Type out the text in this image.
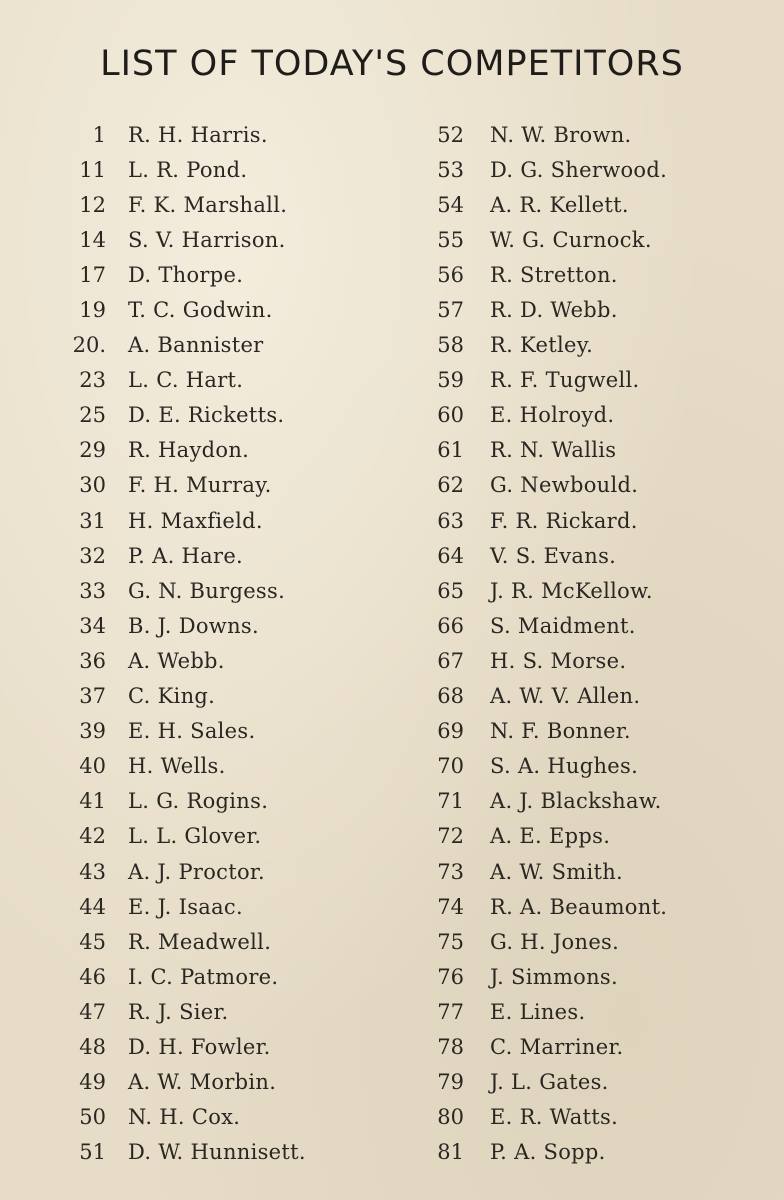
LIST OF TODAY'S COMPETITORS
1 R. H. Harris.
11 L. R. Pond.
12 F. K. Marshall.
14 S. V. Harrison.
17 D. Thorpe.
19 T. C. Godwin.
20. A. Bannister
23 L. C. Hart.
25 D. E. Ricketts.
29 R. Haydon.
30 F. H. Murray.
31 H. Maxfield.
32 P. A. Hare.
33 G. N. Burgess.
34 B. J. Downs.
36 A. Webb.
37 C. King.
39 E. H. Sales.
40 H. Wells.
41 L. G. Rogins.
42 L. L. Glover.
43 A. J. Proctor.
44 E. J. Isaac.
45 R. Meadwell.
46 I. C. Patmore.
47 R. J. Sier.
48 D. H. Fowler.
49 A. W. Morbin.
50 N. H. Cox.
51 D. W. Hunnisett.
52 N. W. Brown.
53 D. G. Sherwood.
54 A. R. Kellett.
55 W. G. Curnock.
56 R. Stretton.
57 R. D. Webb.
58 R. Ketley.
59 R. F. Tugwell.
60 E. Holroyd.
61 R. N. Wallis
62 G. Newbould.
63 F. R. Rickard.
64 V. S. Evans.
65 J. R. McKellow.
66 S. Maidment.
67 H. S. Morse.
68 A. W. V. Allen.
69 N. F. Bonner.
70 S. A. Hughes.
71 A. J. Blackshaw.
72 A. E. Epps.
73 A. W. Smith.
74 R. A. Beaumont.
75 G. H. Jones.
76 J. Simmons.
77 E. Lines.
78 C. Marriner.
79 J. L. Gates.
80 E. R. Watts.
81 P. A. Sopp.
